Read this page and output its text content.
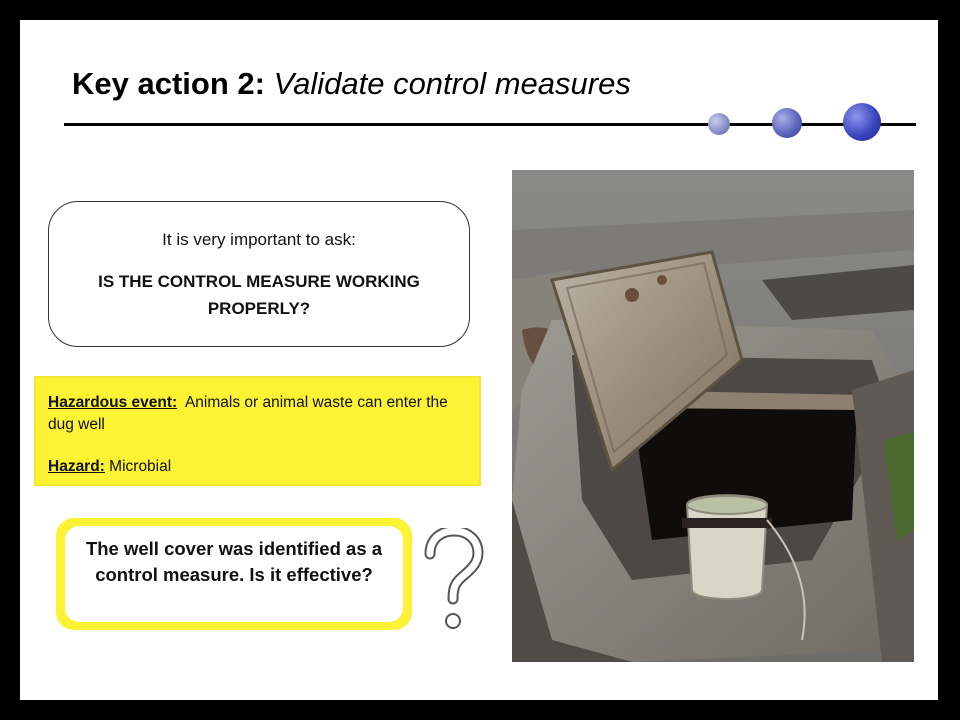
Key action 2: Validate control measures
It is very important to ask:
IS THE CONTROL MEASURE WORKING PROPERLY?
Hazardous event: Animals or animal waste can enter the dug well
Hazard: Microbial
The well cover was identified as a control measure. Is it effective?
